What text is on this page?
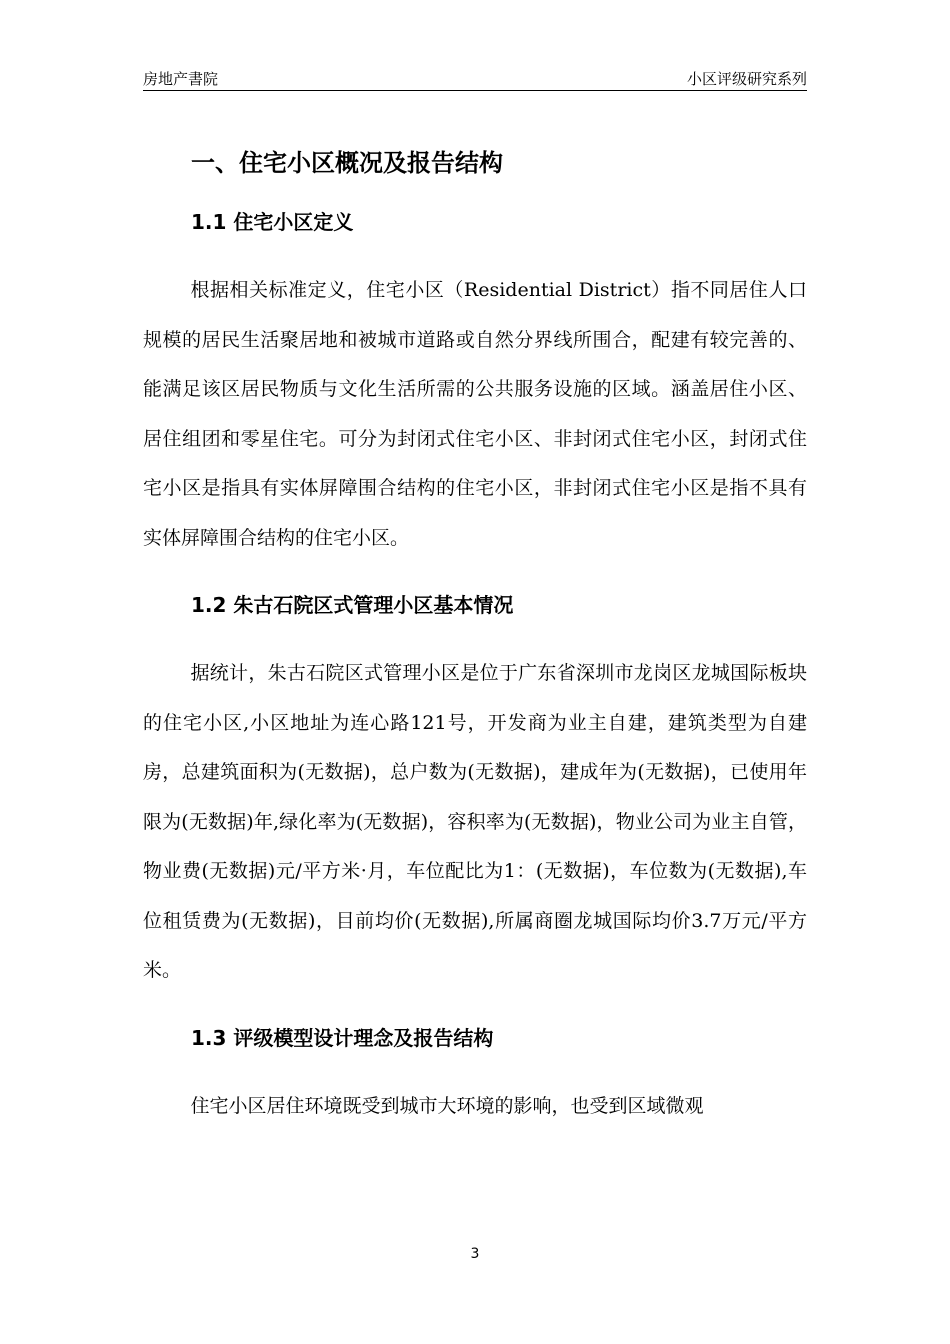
房地产書院	小区评级研究系列
一、住宅小区概况及报告结构
1.1 住宅小区定义

根据相关标准定义，住宅小区（Residential District）指不同居住人口规模的居民生活聚居地和被城市道路或自然分界线所围合，配建有较完善的、能满足该区居民物质与文化生活所需的公共服务设施的区域。涵盖居住小区、居住组团和零星住宅。可分为封闭式住宅小区、非封闭式住宅小区，封闭式住宅小区是指具有实体屏障围合结构的住宅小区，非封闭式住宅小区是指不具有实体屏障围合结构的住宅小区。

1.2 朱古石院区式管理小区基本情况

据统计，朱古石院区式管理小区是位于广东省深圳市龙岗区龙城国际板块的住宅小区,小区地址为连心路121号，开发商为业主自建，建筑类型为自建房，总建筑面积为(无数据)，总户数为(无数据)，建成年为(无数据)，已使用年限为(无数据)年,绿化率为(无数据)，容积率为(无数据)，物业公司为业主自管，物业费(无数据)元/平方米·月，车位配比为1：(无数据)，车位数为(无数据),车位租赁费为(无数据)，目前均价(无数据),所属商圈龙城国际均价3.7万元/平方米。

1.3 评级模型设计理念及报告结构

住宅小区居住环境既受到城市大环境的影响，也受到区域微观

3
